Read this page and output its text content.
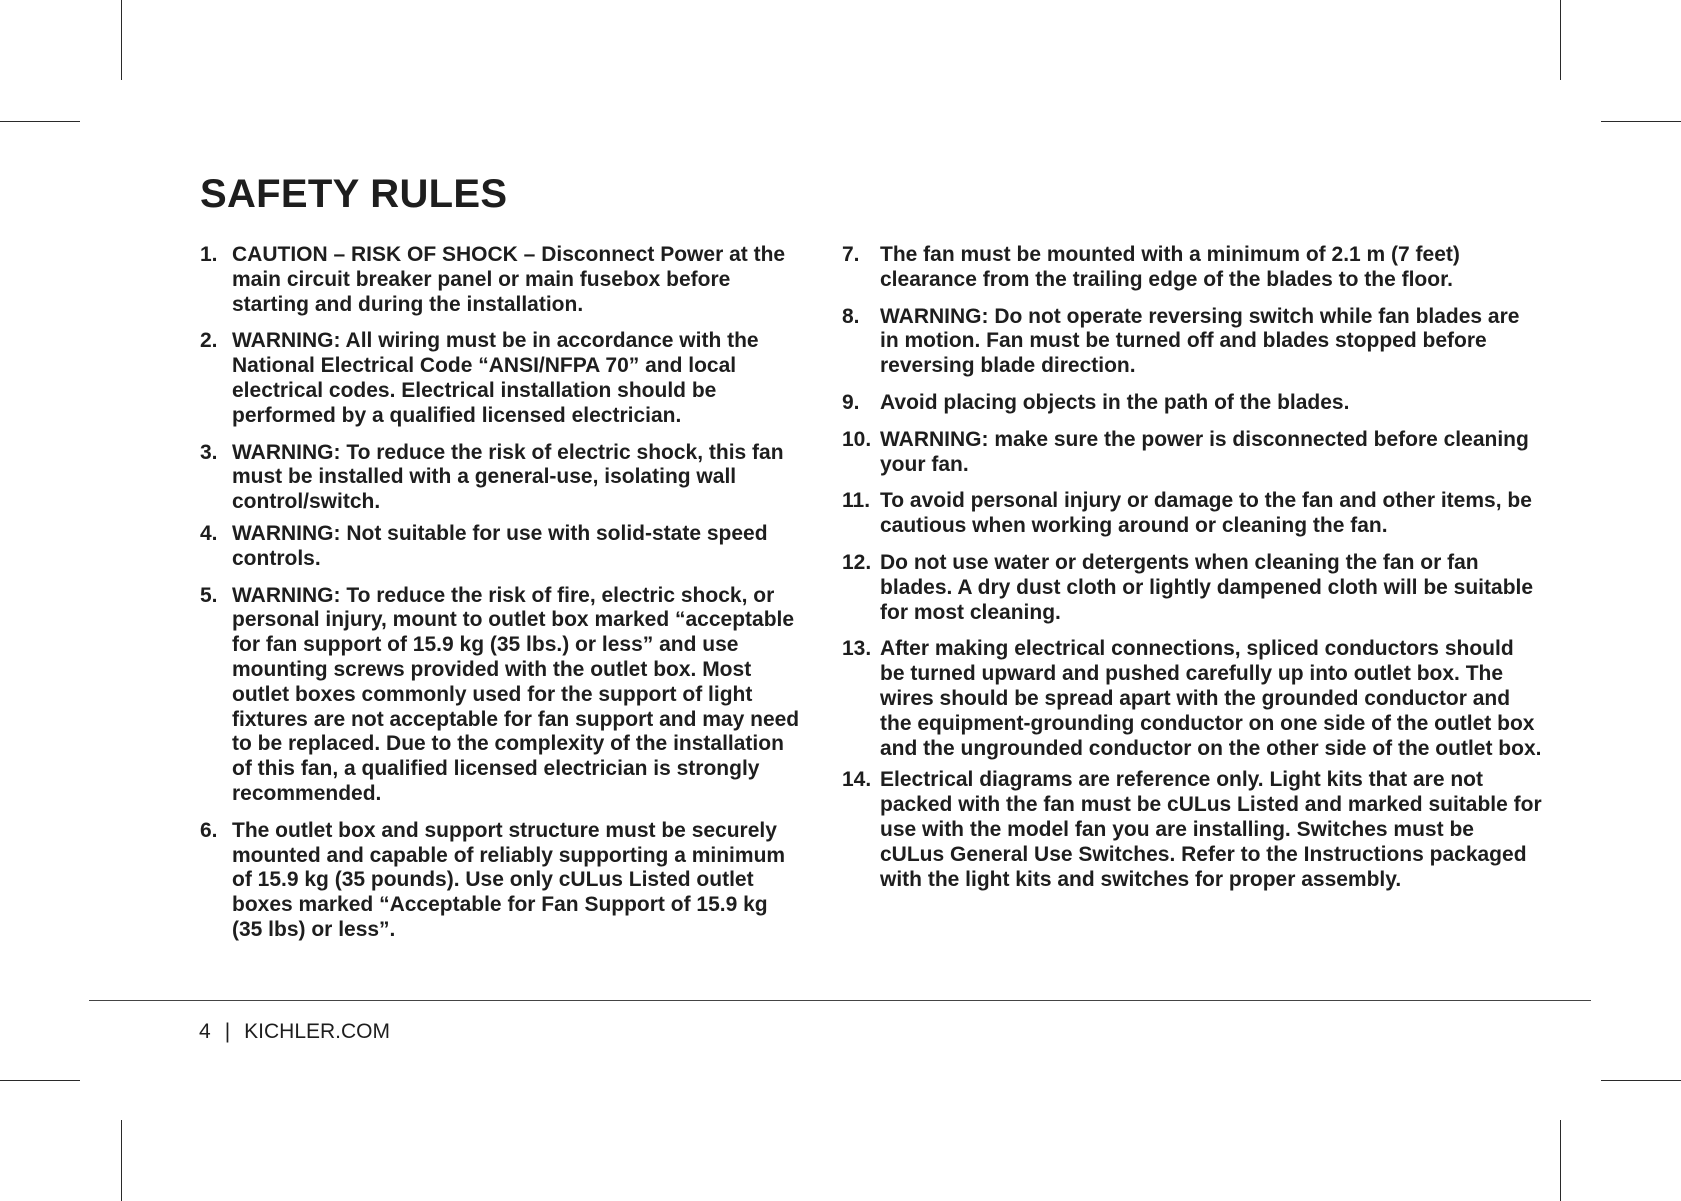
SAFETY RULES
1. CAUTION – RISK OF SHOCK – Disconnect Power at the main circuit breaker panel or main fusebox before starting and during the installation.
2. WARNING: All wiring must be in accordance with the National Electrical Code “ANSI/NFPA 70” and local electrical codes. Electrical installation should be performed by a qualified licensed electrician.
3. WARNING: To reduce the risk of electric shock, this fan must be installed with a general-use, isolating wall control/switch.
4. WARNING: Not suitable for use with solid-state speed controls.
5. WARNING: To reduce the risk of fire, electric shock, or personal injury, mount to outlet box marked “acceptable for fan support of 15.9 kg (35 lbs.) or less” and use mounting screws provided with the outlet box. Most outlet boxes commonly used for the support of light fixtures are not acceptable for fan support and may need to be replaced. Due to the complexity of the installation of this fan, a qualified licensed electrician is strongly recommended.
6. The outlet box and support structure must be securely mounted and capable of reliably supporting a minimum of 15.9 kg (35 pounds). Use only cULus Listed outlet boxes marked “Acceptable for Fan Support of 15.9 kg (35 lbs) or less”.
7. The fan must be mounted with a minimum of 2.1 m (7 feet) clearance from the trailing edge of the blades to the floor.
8. WARNING: Do not operate reversing switch while fan blades are in motion. Fan must be turned off and blades stopped before reversing blade direction.
9. Avoid placing objects in the path of the blades.
10. WARNING: make sure the power is disconnected before cleaning your fan.
11. To avoid personal injury or damage to the fan and other items, be cautious when working around or cleaning the fan.
12. Do not use water or detergents when cleaning the fan or fan blades. A dry dust cloth or lightly dampened cloth will be suitable for most cleaning.
13. After making electrical connections, spliced conductors should be turned upward and pushed carefully up into outlet box. The wires should be spread apart with the grounded conductor and the equipment-grounding conductor on one side of the outlet box and the ungrounded conductor on the other side of the outlet box.
14. Electrical diagrams are reference only. Light kits that are not packed with the fan must be cULus Listed and marked suitable for use with the model fan you are installing. Switches must be cULus General Use Switches. Refer to the Instructions packaged with the light kits and switches for proper assembly.
4 | KICHLER.COM
